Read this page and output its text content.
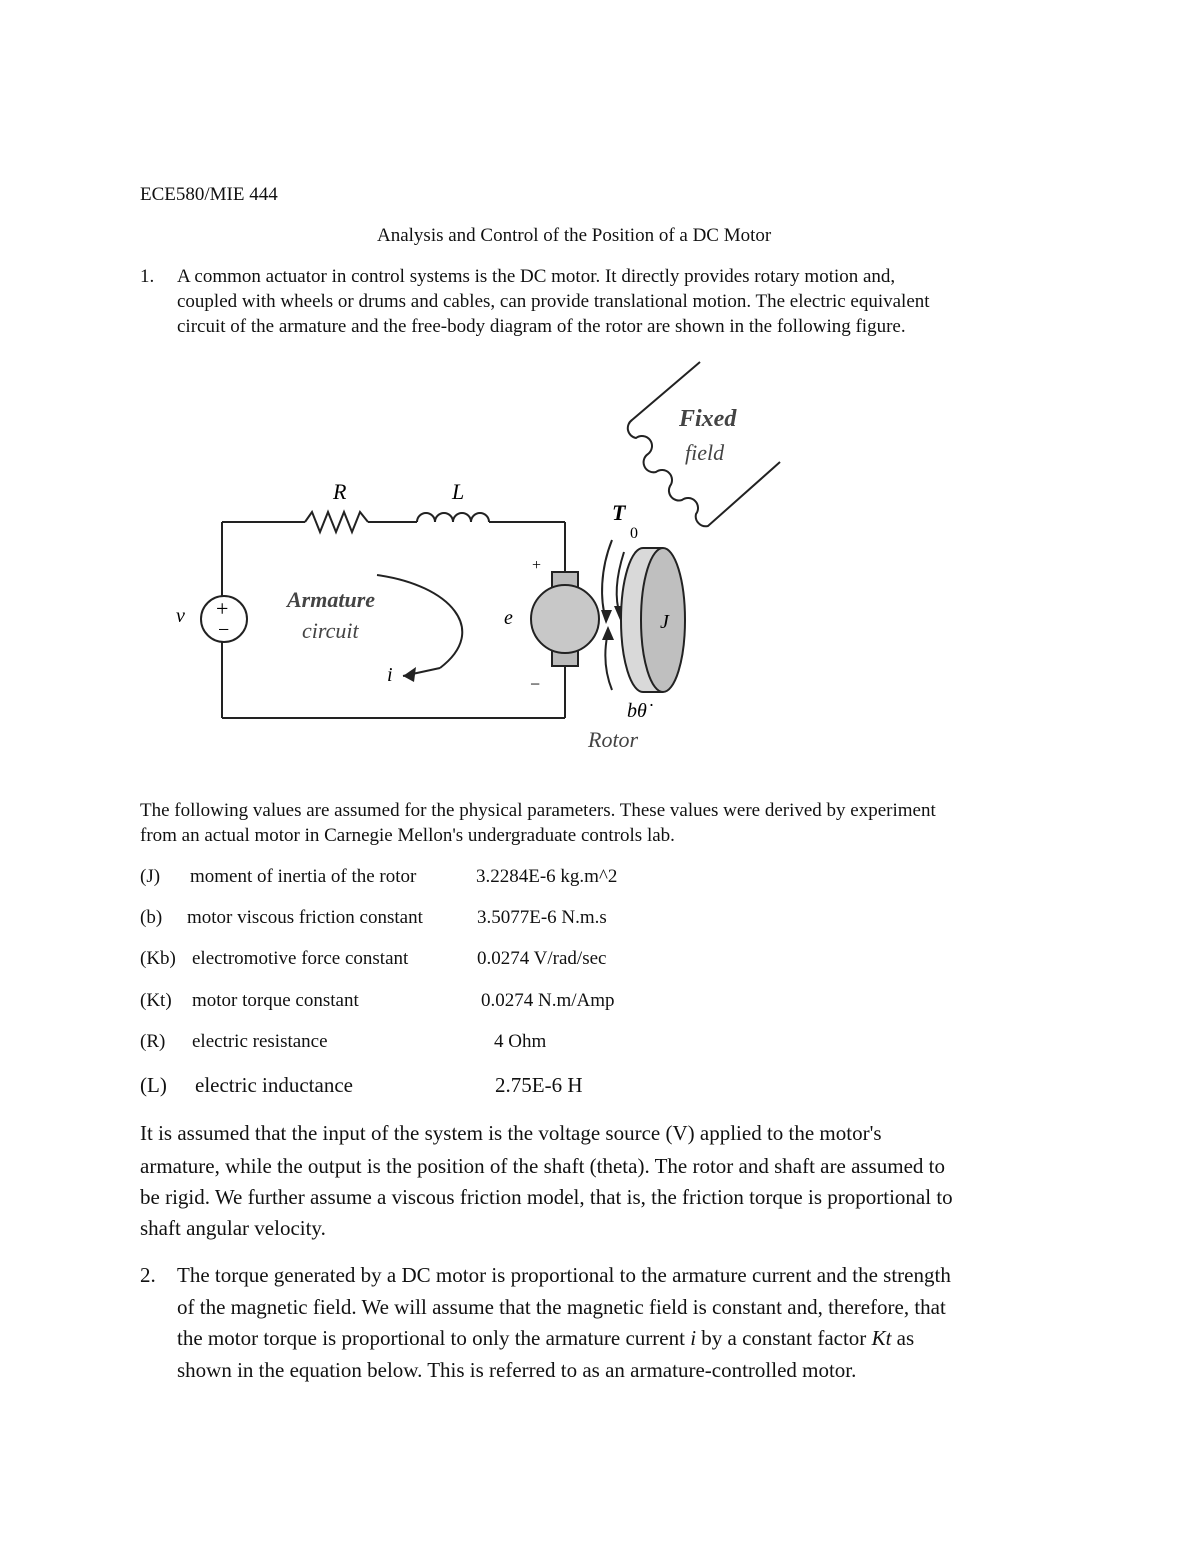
ECE580/MIE 444
Analysis and Control of the Position of a DC Motor
1. A common actuator in control systems is the DC motor. It directly provides rotary motion and,
coupled with wheels or drums and cables, can provide translational motion. The electric equivalent
circuit of the armature and the free-body diagram of the rotor are shown in the following figure.
R	L
v +
−
Armature
circuit
i
e
+
−
T
0
J
bθ̇
Rotor
Fixed
field
The following values are assumed for the physical parameters. These values were derived by experiment
from an actual motor in Carnegie Mellon's undergraduate controls lab.
(J) moment of inertia of the rotor	3.2284E-6 kg.m^2
(b) motor viscous friction constant	3.5077E-6 N.m.s
(Kb) electromotive force constant	0.0274 V/rad/sec
(Kt) motor torque constant	0.0274 N.m/Amp
(R) electric resistance	4 Ohm
(L) electric inductance	2.75E-6 H
It is assumed that the input of the system is the voltage source (V) applied to the motor's
armature, while the output is the position of the shaft (theta). The rotor and shaft are assumed to
be rigid. We further assume a viscous friction model, that is, the friction torque is proportional to
shaft angular velocity.
2. The torque generated by a DC motor is proportional to the armature current and the strength
of the magnetic field. We will assume that the magnetic field is constant and, therefore, that
the motor torque is proportional to only the armature current i by a constant factor Kt as
shown in the equation below. This is referred to as an armature-controlled motor.
